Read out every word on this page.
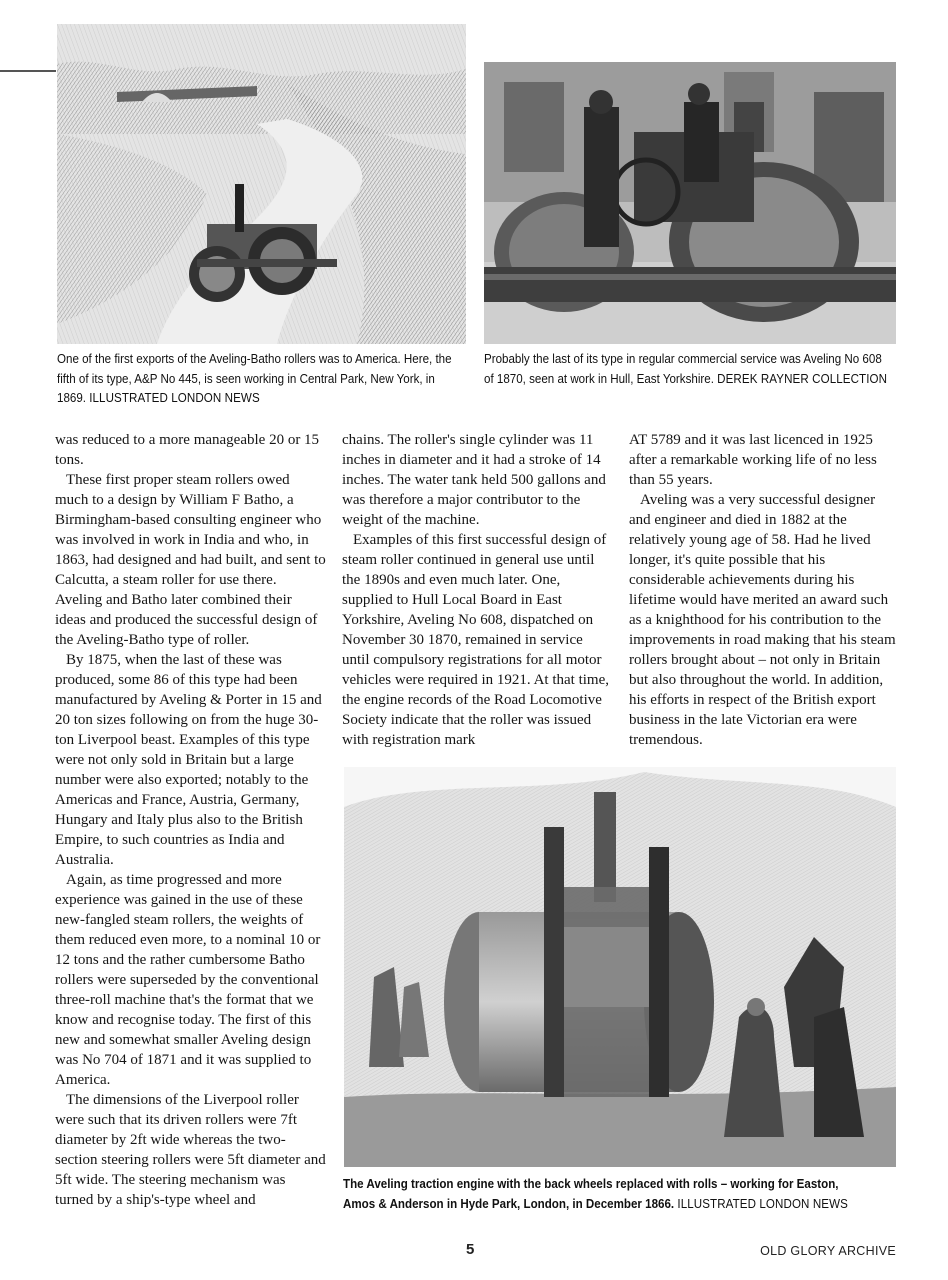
One of the first exports of the Aveling-Batho rollers was to America. Here, the fifth of its type, A&P No 445, is seen working in Central Park, New York, in 1869. ILLUSTRATED LONDON NEWS
Probably the last of its type in regular commercial service was Aveling No 608 of 1870, seen at work in Hull, East Yorkshire. DEREK RAYNER COLLECTION

was reduced to a more manageable 20 or 15 tons.

These first proper steam rollers owed much to a design by William F Batho, a Birmingham-based consulting engineer who was involved in work in India and who, in 1863, had designed and had built, and sent to Calcutta, a steam roller for use there. Aveling and Batho later combined their ideas and produced the successful design of the Aveling-Batho type of roller.

By 1875, when the last of these was produced, some 86 of this type had been manufactured by Aveling & Porter in 15 and 20 ton sizes following on from the huge 30-ton Liverpool beast. Examples of this type were not only sold in Britain but a large number were also exported; notably to the Americas and France, Austria, Germany, Hungary and Italy plus also to the British Empire, to such countries as India and Australia.

Again, as time progressed and more experience was gained in the use of these new-fangled steam rollers, the weights of them reduced even more, to a nominal 10 or 12 tons and the rather cumbersome Batho rollers were superseded by the conventional three-roll machine that's the format that we know and recognise today. The first of this new and somewhat smaller Aveling design was No 704 of 1871 and it was supplied to America.

The dimensions of the Liverpool roller were such that its driven rollers were 7ft diameter by 2ft wide whereas the two-section steering rollers were 5ft diameter and 5ft wide. The steering mechanism was turned by a ship's-type wheel and

chains. The roller's single cylinder was 11 inches in diameter and it had a stroke of 14 inches. The water tank held 500 gallons and was therefore a major contributor to the weight of the machine.

Examples of this first successful design of steam roller continued in general use until the 1890s and even much later. One, supplied to Hull Local Board in East Yorkshire, Aveling No 608, dispatched on November 30 1870, remained in service until compulsory registrations for all motor vehicles were required in 1921. At that time, the engine records of the Road Locomotive Society indicate that the roller was issued with registration mark

AT 5789 and it was last licenced in 1925 after a remarkable working life of no less than 55 years.

Aveling was a very successful designer and engineer and died in 1882 at the relatively young age of 58. Had he lived longer, it's quite possible that his considerable achievements during his lifetime would have merited an award such as a knighthood for his contribution to the improvements in road making that his steam rollers brought about – not only in Britain but also throughout the world. In addition, his efforts in respect of the British export business in the late Victorian era were tremendous.

The Aveling traction engine with the back wheels replaced with rolls – working for Easton, Amos & Anderson in Hyde Park, London, in December 1866. ILLUSTRATED LONDON NEWS
5	OLD GLORY ARCHIVE
